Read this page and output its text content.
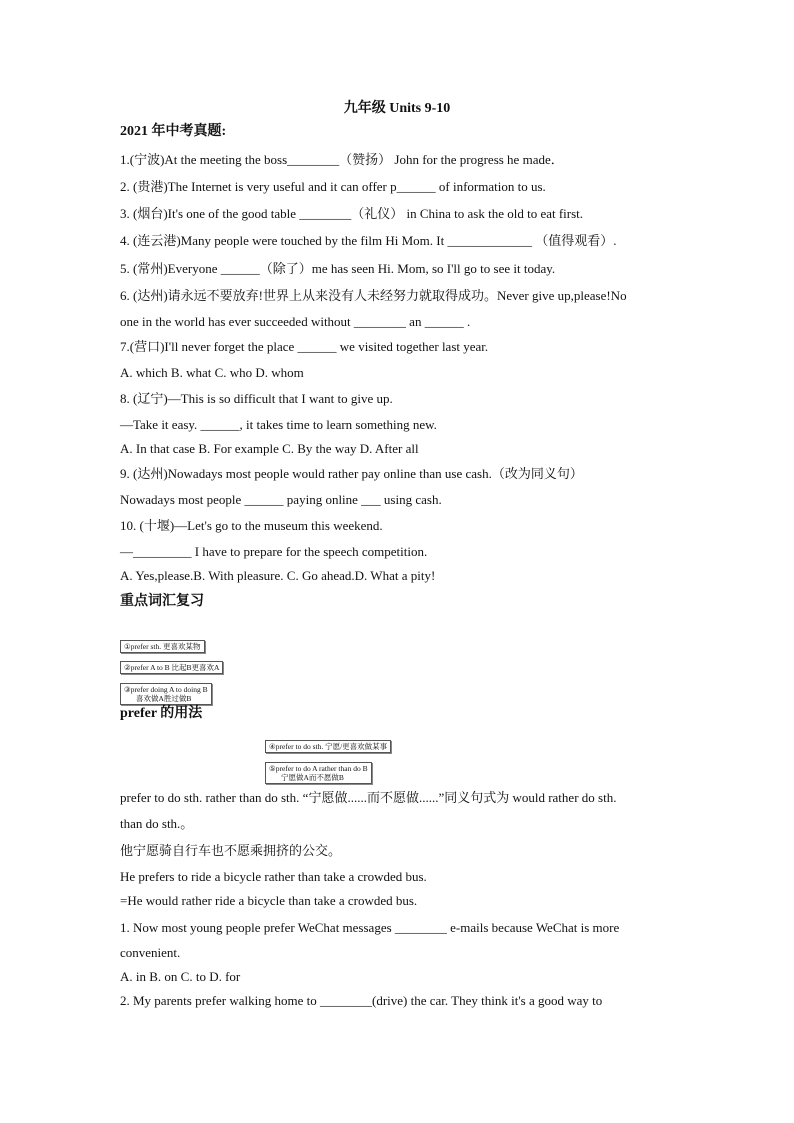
九年级 Units 9-10
2021 年中考真题:
1.(宁波)At the meeting the boss________（赞扬） John for the progress he made．
2. (贵港)The Internet is very useful and it can offer p______ of information to us.
3. (烟台)It's one of the good table ________（礼仪） in China to ask the old to eat first.
4. (连云港)Many people were touched by the film Hi Mom. It _____________ （值得观看）.
5. (常州)Everyone ______（除了）me has seen Hi. Mom, so I'll go to see it today.
6. (达州)请永远不要放弃!世界上从来没有人未经努力就取得成功。Never give up,please!No
one in the world has ever succeeded without ________ an ______ .
7.(营口)I'll never forget the place ______ we visited together last year.
A. which B. what C. who D. whom
8. (辽宁)—This is so difficult that I want to give up.
—Take it easy. ______, it takes time to learn something new.
A. In that case B. For example C. By the way D. After all
9. (达州)Nowadays most people would rather pay online than use cash.（改为同义句）
Nowadays most people ______ paying online ___ using cash.
10. (十堰)—Let's go to the museum this weekend.
—_________ I have to prepare for the speech competition.
A. Yes,please.B. With pleasure. C. Go ahead.D. What a pity!
重点词汇复习
①prefer sth. 更喜欢某物
②prefer A to B 比起B更喜欢A
③prefer doing A to doing B
喜欢做A胜过做B
prefer 的用法
④prefer to do sth. 宁愿/更喜欢做某事
⑤prefer to do A rather than do B
宁愿做A而不愿做B
prefer to do sth. rather than do sth. “宁愿做......而不愿做......”同义句式为 would rather do sth.
than do sth.。
他宁愿骑自行车也不愿乘拥挤的公交。
He prefers to ride a bicycle rather than take a crowded bus.
=He would rather ride a bicycle than take a crowded bus.
1. Now most young people prefer WeChat messages ________ e-mails because WeChat is more
convenient.
A. in B. on C. to D. for
2. My parents prefer walking home to ________(drive) the car. They think it's a good way to
